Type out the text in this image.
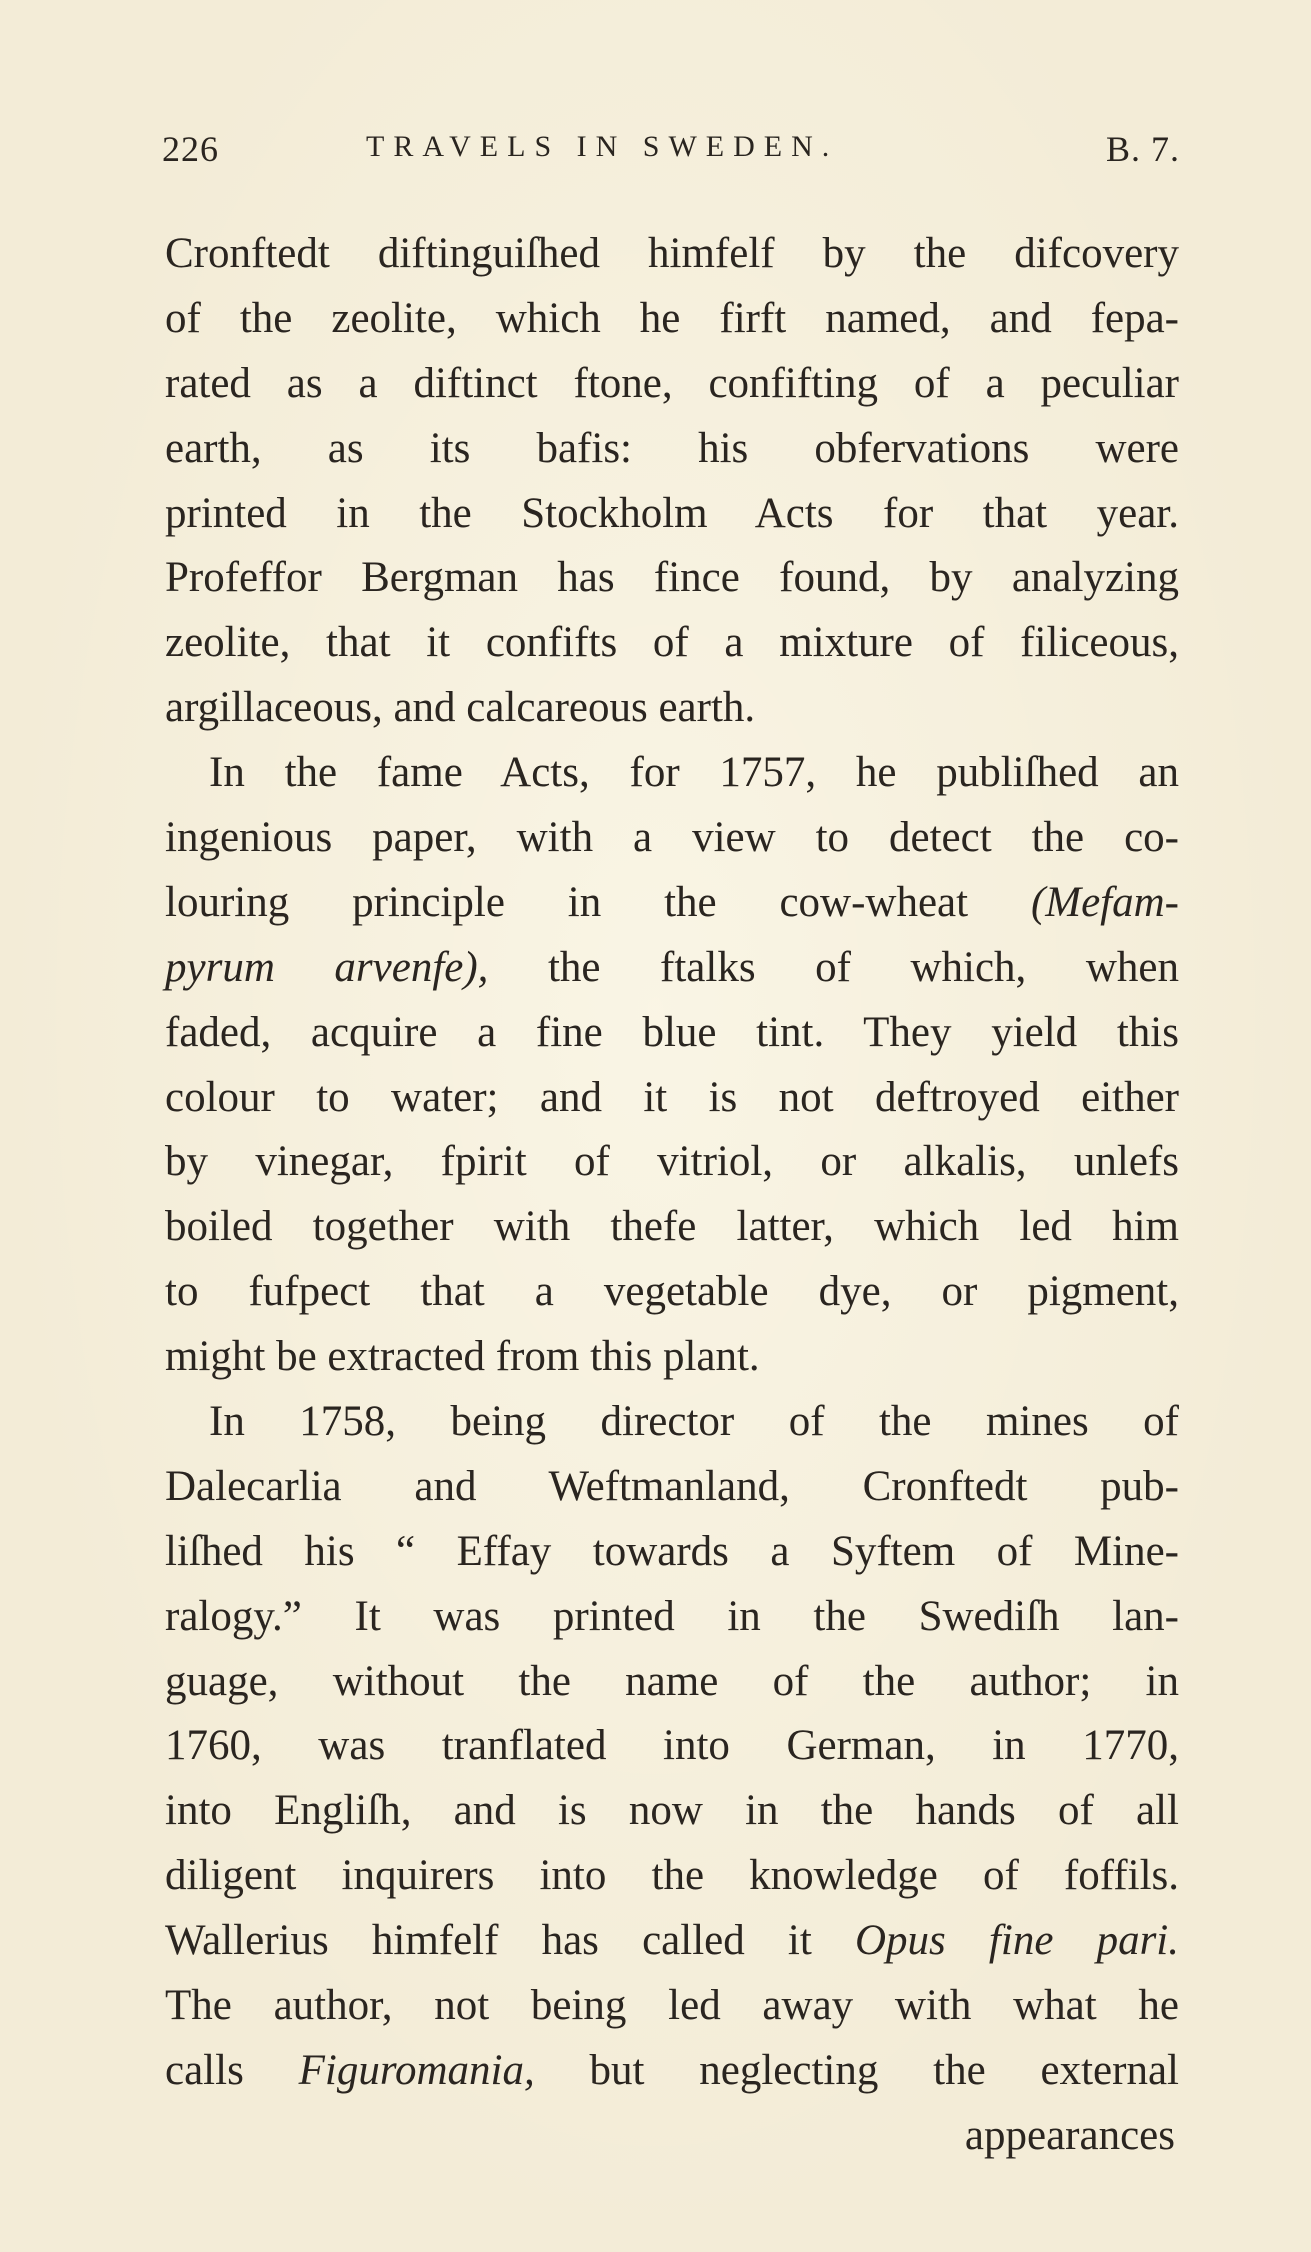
226	TRAVELS IN SWEDEN.	B. 7.
Cronftedt diftinguiſhed himfelf by the difcovery
of the zeolite, which he firft named, and fepa-
rated as a diftinct ftone, confifting of a peculiar
earth, as its bafis: his obfervations were
printed in the Stockholm Acts for that year.
Profeffor Bergman has fince found, by analyzing
zeolite, that it confifts of a mixture of filiceous,
argillaceous, and calcareous earth.
In the fame Acts, for 1757, he publiſhed an
ingenious paper, with a view to detect the co-
louring principle in the cow-wheat (Mefam-
pyrum arvenfe), the ftalks of which, when
faded, acquire a fine blue tint. They yield this
colour to water; and it is not deftroyed either
by vinegar, fpirit of vitriol, or alkalis, unlefs
boiled together with thefe latter, which led him
to fufpect that a vegetable dye, or pigment,
might be extracted from this plant.
In 1758, being director of the mines of
Dalecarlia and Weftmanland, Cronftedt pub-
liſhed his “ Effay towards a Syftem of Mine-
ralogy.” It was printed in the Swediſh lan-
guage, without the name of the author; in
1760, was tranflated into German, in 1770,
into Engliſh, and is now in the hands of all
diligent inquirers into the knowledge of foffils.
Wallerius himfelf has called it Opus fine pari.
The author, not being led away with what he
calls Figuromania, but neglecting the external
appearances
